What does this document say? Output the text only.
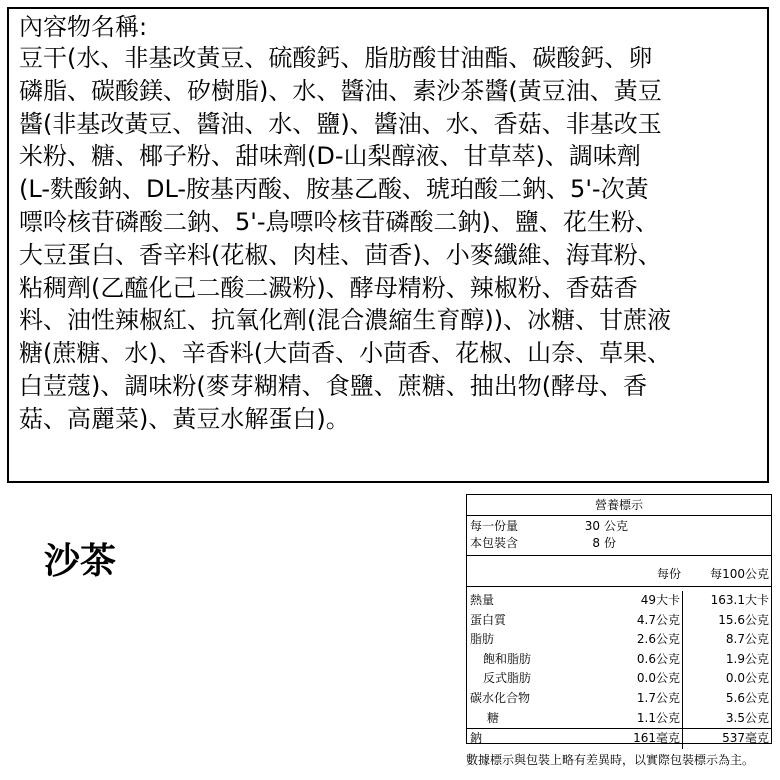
內容物名稱:
豆干(水、非基改黃豆、硫酸鈣、脂肪酸甘油酯、碳酸鈣、卵
磷脂、碳酸鎂、矽樹脂)、水、醬油、素沙茶醬(黃豆油、黃豆
醬(非基改黃豆、醬油、水、鹽)、醬油、水、香菇、非基改玉
米粉、糖、椰子粉、甜味劑(D-山梨醇液、甘草萃)、調味劑
(L-麩酸鈉、DL-胺基丙酸、胺基乙酸、琥珀酸二鈉、5'-次黃
嘌呤核苷磷酸二鈉、5'-鳥嘌呤核苷磷酸二鈉)、鹽、花生粉、
大豆蛋白、香辛料(花椒、肉桂、茴香)、小麥纖維、海茸粉、
粘稠劑(乙醯化己二酸二澱粉)、酵母精粉、辣椒粉、香菇香
料、油性辣椒紅、抗氧化劑(混合濃縮生育醇))、冰糖、甘蔗液
糖(蔗糖、水)、辛香料(大茴香、小茴香、花椒、山奈、草果、
白荳蔻)、調味粉(麥芽糊精、食鹽、蔗糖、抽出物(酵母、香
菇、高麗菜)、黃豆水解蛋白)。
沙茶
營養標示
每一份量	30 公克
本包裝含	8 份
每份	每100公克
熱量	49大卡	163.1大卡
蛋白質	4.7公克	15.6公克
脂肪	2.6公克	8.7公克
飽和脂肪	0.6公克	1.9公克
反式脂肪	0.0公克	0.0公克
碳水化合物	1.7公克	5.6公克
糖	1.1公克	3.5公克
鈉	161毫克	537毫克
數據標示與包裝上略有差異時，以實際包裝標示為主。
